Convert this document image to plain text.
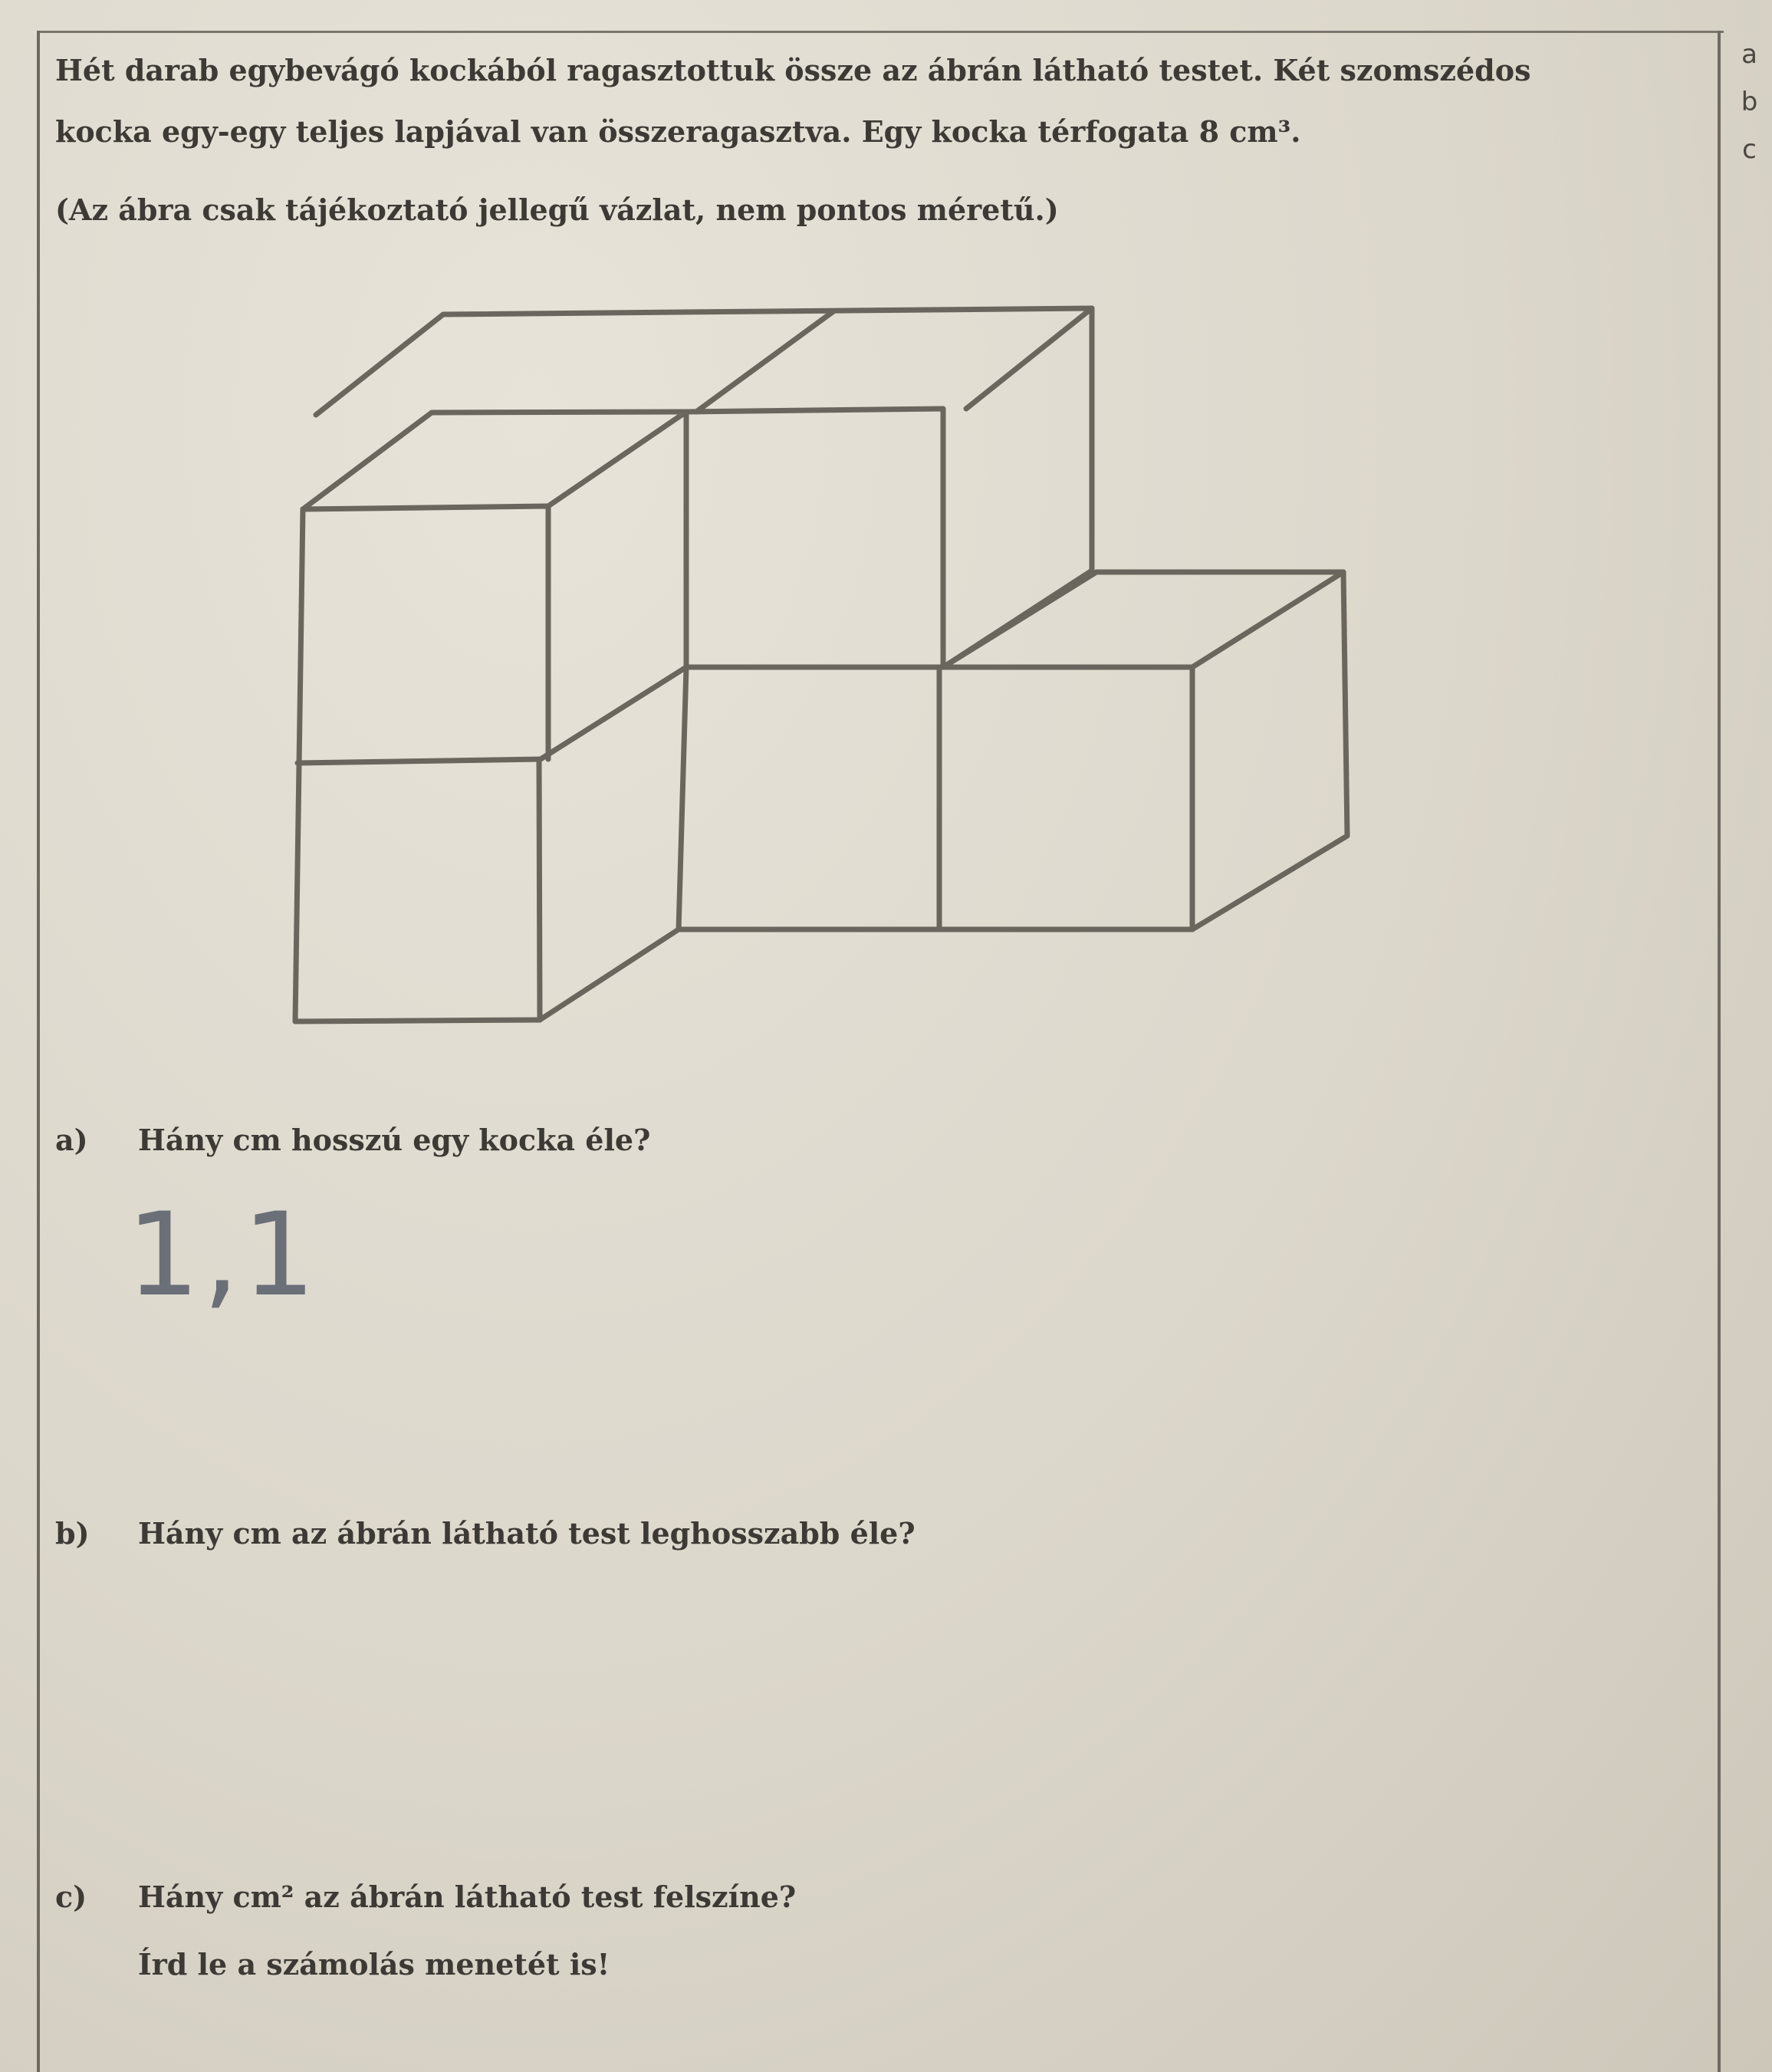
a
b
c
Hét darab egybevágó kockából ragasztottuk össze az ábrán látható testet. Két szomszédos
kocka egy-egy teljes lapjával van összeragasztva. Egy kocka térfogata 8 cm³.
(Az ábra csak tájékoztató jellegű vázlat, nem pontos méretű.)
a) Hány cm hosszú egy kocka éle?
1,1
b) Hány cm az ábrán látható test leghosszabb éle?
c) Hány cm² az ábrán látható test felszíne?
Írd le a számolás menetét is!
